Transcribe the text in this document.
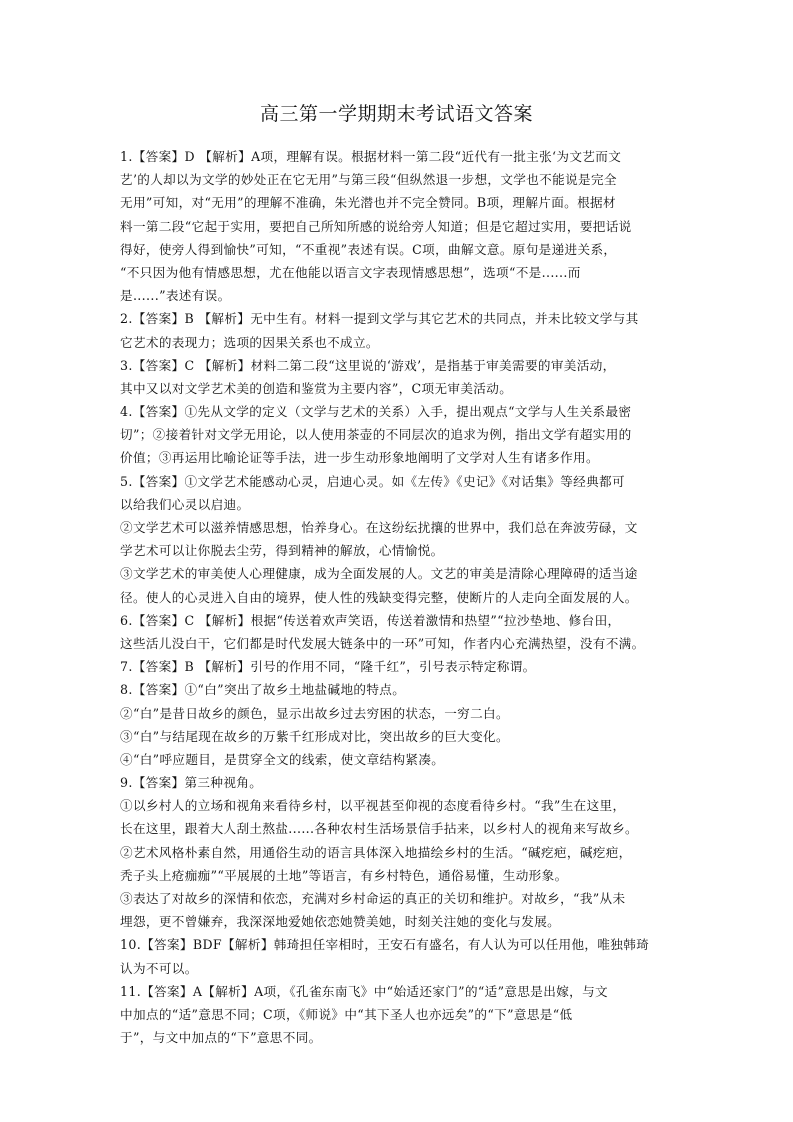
高三第一学期期末考试语文答案
1.【答案】D 【解析】A项，理解有误。根据材料一第二段“近代有一批主张‘为文艺而文
艺’的人却以为文学的妙处正在它无用”与第三段“但纵然退一步想，文学也不能说是完全
无用”可知，对“无用”的理解不准确，朱光潜也并不完全赞同。B项，理解片面。根据材
料一第二段“它起于实用，要把自己所知所感的说给旁人知道；但是它超过实用，要把话说
得好，使旁人得到愉快”可知，“不重视”表述有误。C项，曲解文意。原句是递进关系，
“不只因为他有情感思想，尤在他能以语言文字表现情感思想”，选项“不是......而
是......”表述有误。
2.【答案】B 【解析】无中生有。材料一提到文学与其它艺术的共同点，并未比较文学与其
它艺术的表现力；选项的因果关系也不成立。
3.【答案】C 【解析】材料二第二段“这里说的‘游戏’，是指基于审美需要的审美活动，
其中又以对文学艺术美的创造和鉴赏为主要内容”，C项无审美活动。
4.【答案】①先从文学的定义（文学与艺术的关系）入手，提出观点“文学与人生关系最密
切”；②接着针对文学无用论，以人使用茶壶的不同层次的追求为例，指出文学有超实用的
价值；③再运用比喻论证等手法，进一步生动形象地阐明了文学对人生有诸多作用。
5.【答案】①文学艺术能感动心灵，启迪心灵。如《左传》《史记》《对话集》等经典都可
以给我们心灵以启迪。
②文学艺术可以滋养情感思想，怡养身心。在这纷纭扰攘的世界中，我们总在奔波劳碌，文
学艺术可以让你脱去尘劳，得到精神的解放，心情愉悦。
③文学艺术的审美使人心理健康，成为全面发展的人。文艺的审美是清除心理障碍的适当途
径。使人的心灵进入自由的境界，使人性的残缺变得完整，使断片的人走向全面发展的人。
6.【答案】C 【解析】根据“传送着欢声笑语，传送着激情和热望”“拉沙垫地、修台田，
这些活儿没白干，它们都是时代发展大链条中的一环”可知，作者内心充满热望，没有不满。
7.【答案】B 【解析】引号的作用不同，“隆千红”，引号表示特定称谓。
8.【答案】①“白”突出了故乡土地盐碱地的特点。
②“白”是昔日故乡的颜色，显示出故乡过去穷困的状态，一穷二白。
③“白”与结尾现在故乡的万紫千红形成对比，突出故乡的巨大变化。
④“白”呼应题目，是贯穿全文的线索，使文章结构紧凑。
9.【答案】第三种视角。
①以乡村人的立场和视角来看待乡村，以平视甚至仰视的态度看待乡村。“我”生在这里，
长在这里，跟着大人刮土熬盐......各种农村生活场景信手拈来，以乡村人的视角来写故乡。
②艺术风格朴素自然，用通俗生动的语言具体深入地描绘乡村的生活。“碱疙疤，碱疙疤，
秃子头上疮痂痂”“平展展的土地”等语言，有乡村特色，通俗易懂，生动形象。
③表达了对故乡的深情和依恋，充满对乡村命运的真正的关切和维护。对故乡，“我”从未
埋怨，更不曾嫌弃，我深深地爱她依恋她赞美她，时刻关注她的变化与发展。
10.【答案】BDF【解析】韩琦担任宰相时，王安石有盛名，有人认为可以任用他，唯独韩琦
认为不可以。
11.【答案】A【解析】A项，《孔雀东南飞》中“始适还家门”的“适”意思是出嫁，与文
中加点的“适”意思不同；C项，《师说》中“其下圣人也亦远矣”的“下”意思是“低
于”，与文中加点的“下”意思不同。
